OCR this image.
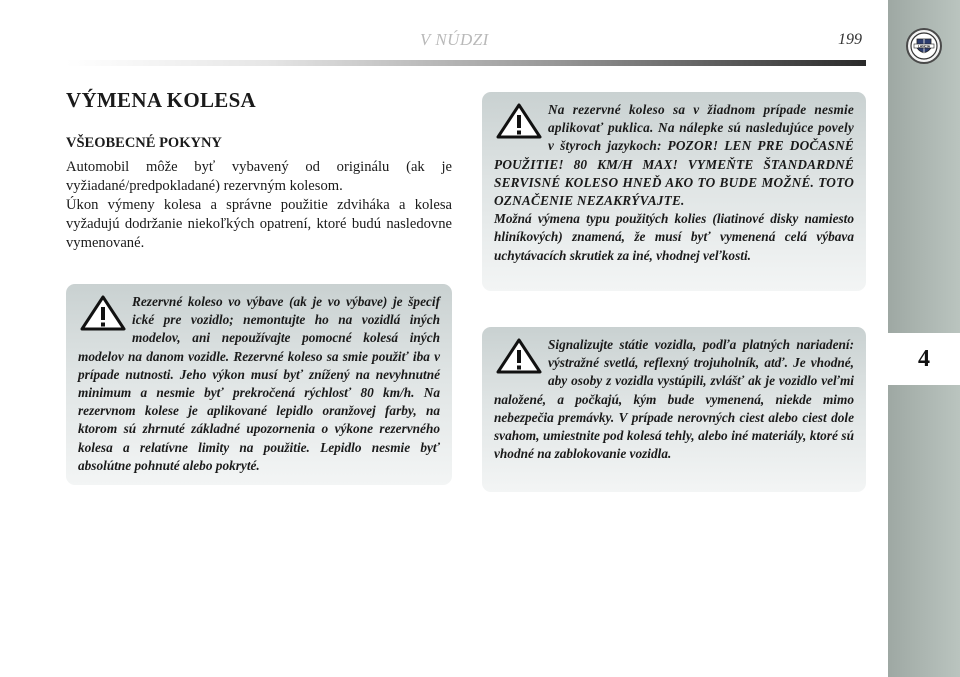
V NÚDZI	199	LANCIA
4
VÝMENA KOLESA
VŠEOBECNÉ POKYNY

Automobil môže byť vybavený od originálu (ak je vyžiadané/predpokladané) rezervným kolesom.

Úkon výmeny kolesa a správne použitie zdviháka a kolesa vyžadujú dodržanie niekoľkých opatrení, ktoré budú nasledovne vymenované.

Rezervné koleso vo výbave (ak je vo výbave) je špecif ické pre vozidlo; nemontujte ho na vozidlá iných modelov, ani nepoužívajte pomocné kolesá iných modelov na danom vozidle. Rezervné koleso sa smie použiť iba v prípade nutnosti. Jeho výkon musí byť znížený na nevyhnutné minimum a nesmie byť prekročená rýchlosť 80 km/h. Na rezervnom kolese je aplikované lepidlo oranžovej farby, na ktorom sú zhrnuté základné upozornenia o výkone rezervného kolesa a relatívne limity na použitie. Lepidlo nesmie byť absolútne pohnuté alebo pokryté.
Na rezervné koleso sa v žiadnom prípade nesmie aplikovať puklica. Na nálepke sú nasledujúce povely v štyroch jazykoch: POZOR! LEN PRE DOČASNÉ POUŽITIE! 80 KM/H MAX! VYMEŇTE ŠTANDARDNÉ SERVISNÉ KOLESO HNEĎ AKO TO BUDE MOŽNÉ. TOTO OZNAČENIE NEZAKRÝVAJTE.
Možná výmena typu použitých kolies (liatinové disky namiesto hliníkových) znamená, že musí byť vymenená celá výbava uchytávacích skrutiek za iné, vhodnej veľkosti.
Signalizujte státie vozidla, podľa platných nariadení: výstražné svetlá, reflexný trojuholník, atď. Je vhodné, aby osoby z vozidla vystúpili, zvlášť ak je vozidlo veľmi naložené, a počkajú, kým bude vymenená, niekde mimo nebezpečia premávky. V prípade nerovných ciest alebo ciest dole svahom, umiestnite pod kolesá tehly, alebo iné materiály, ktoré sú vhodné na zablokovanie vozidla.
